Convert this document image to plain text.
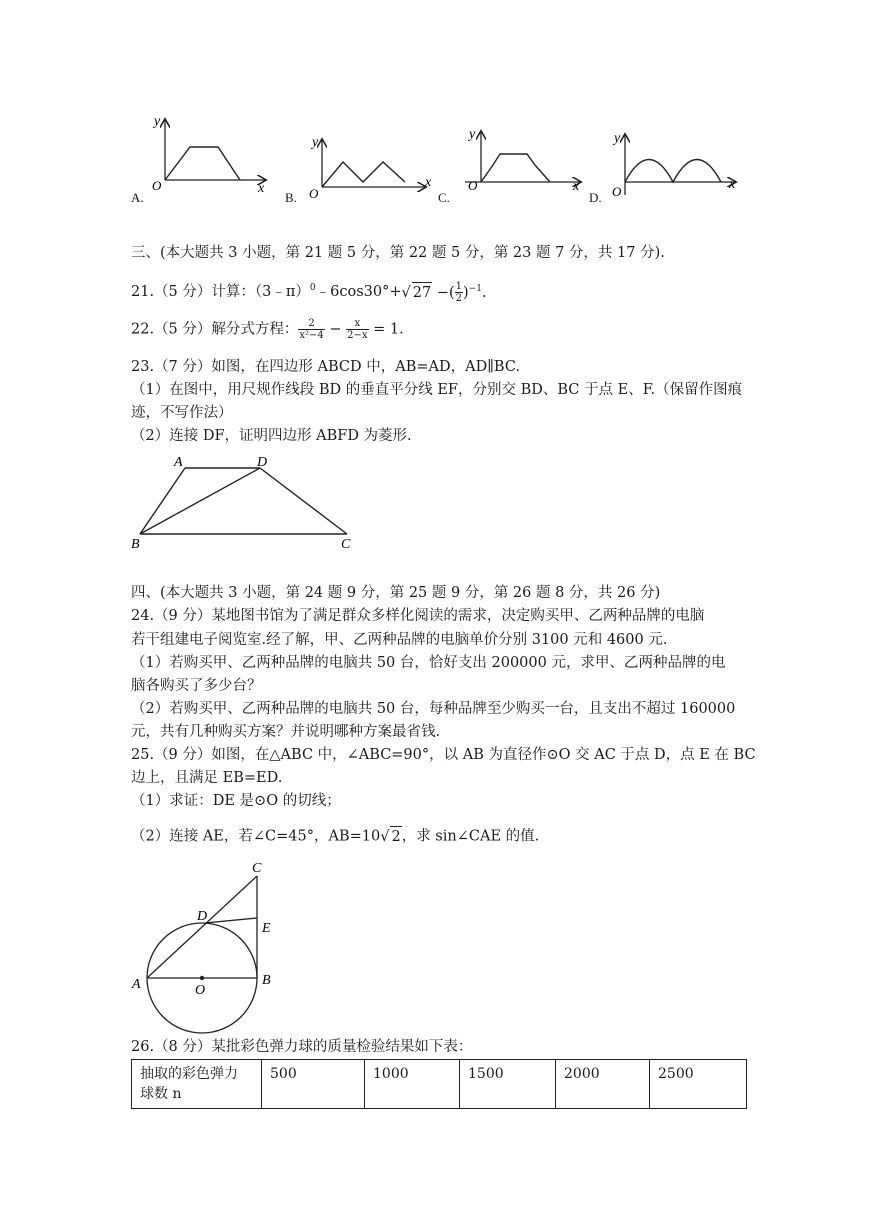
y
x
O
y
x
O
y
x
O
y
x
O
A.	B.	C.	D.
三、(本大题共 3 小题，第 21 题 5 分，第 22 题 5 分，第 23 题 7 分，共 17 分).
21.（5 分）计算：（3﹣π）$^0$﹣6cos30°+√ 27 −( $\frac{1}{2} )^{-1}$.
22.（5 分）解分式方程： $\frac{2}{\text{x²−4}} - \frac{x}{2-x} = 1$.
23.（7 分）如图，在四边形 ABCD 中，AB=AD，AD∥BC.
（1）在图中，用尺规作线段 BD 的垂直平分线 EF，分别交 BD、BC 于点 E、F.（保留作图痕
迹，不写作法）
（2）连接 DF，证明四边形 ABFD 为菱形.
A	D
B	C
四、(本大题共 3 小题，第 24 题 9 分，第 25 题 9 分，第 26 题 8 分，共 26 分)
24.（9 分）某地图书馆为了满足群众多样化阅读的需求，决定购买甲、乙两种品牌的电脑
若干组建电子阅览室.经了解，甲、乙两种品牌的电脑单价分别 3100 元和 4600 元.
（1）若购买甲、乙两种品牌的电脑共 50 台，恰好支出 200000 元，求甲、乙两种品牌的电
脑各购买了多少台？
（2）若购买甲、乙两种品牌的电脑共 50 台，每种品牌至少购买一台，且支出不超过 160000
元，共有几种购买方案？并说明哪种方案最省钱.
25.（9 分）如图，在△ABC 中，∠ABC=90°，以 AB 为直径作⊙O 交 AC 于点 D，点 E 在 BC
边上，且满足 EB=ED.
（1）求证：DE 是⊙O 的切线；
（2）连接 AE，若∠C=45°，AB=10√ 2，求 sin∠CAE 的值.
C
D
E
A	B
O
26.（8 分）某批彩色弹力球的质量检验结果如下表：
抽取的彩色弹力
球数 n	500	1000	1500	2000	2500
